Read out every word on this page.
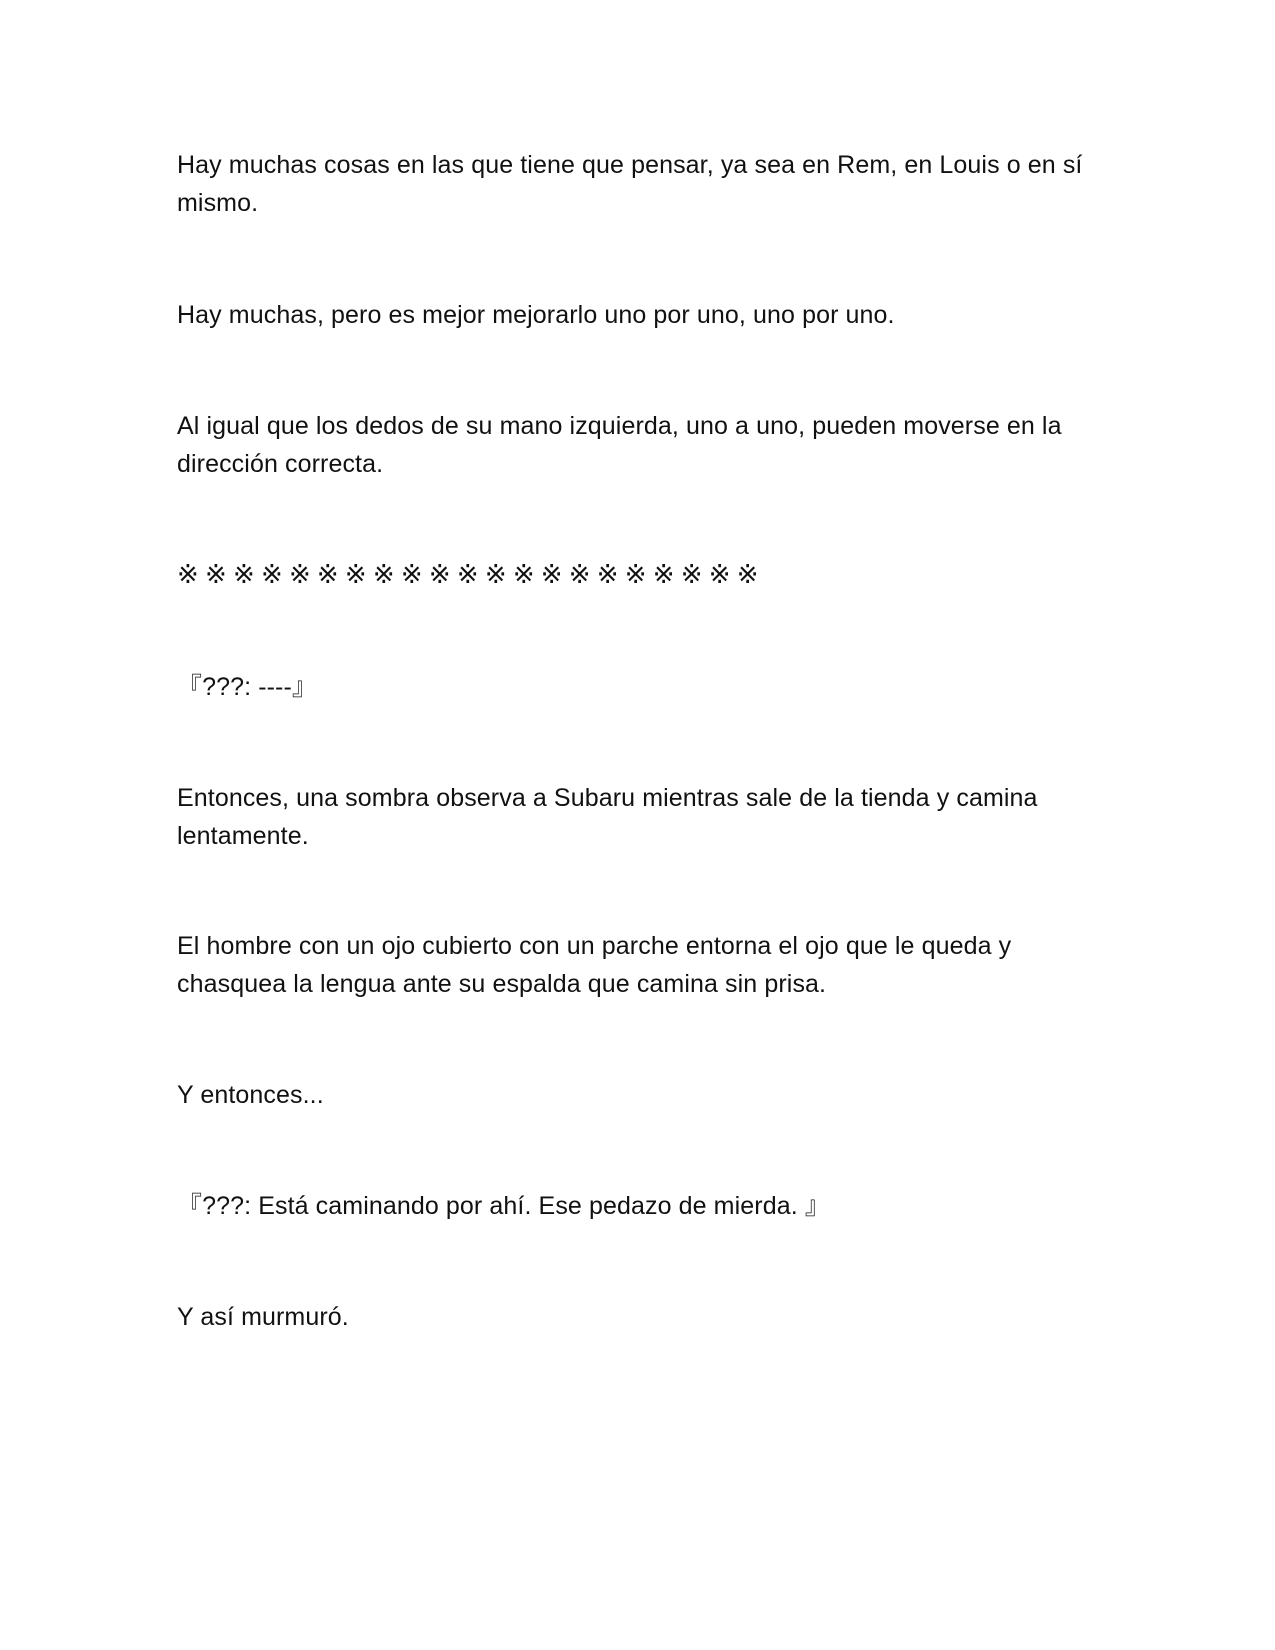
Hay muchas cosas en las que tiene que pensar, ya sea en Rem, en Louis o en sí mismo.

Hay muchas, pero es mejor mejorarlo uno por uno, uno por uno.

Al igual que los dedos de su mano izquierda, uno a uno, pueden moverse en la dirección correcta.

※※※※※※※※※※※※※※※※※※※※※

『???: ----』

Entonces, una sombra observa a Subaru mientras sale de la tienda y camina lentamente.

El hombre con un ojo cubierto con un parche entorna el ojo que le queda y chasquea la lengua ante su espalda que camina sin prisa.

Y entonces...

『???: Está caminando por ahí. Ese pedazo de mierda. 』

Y así murmuró.
